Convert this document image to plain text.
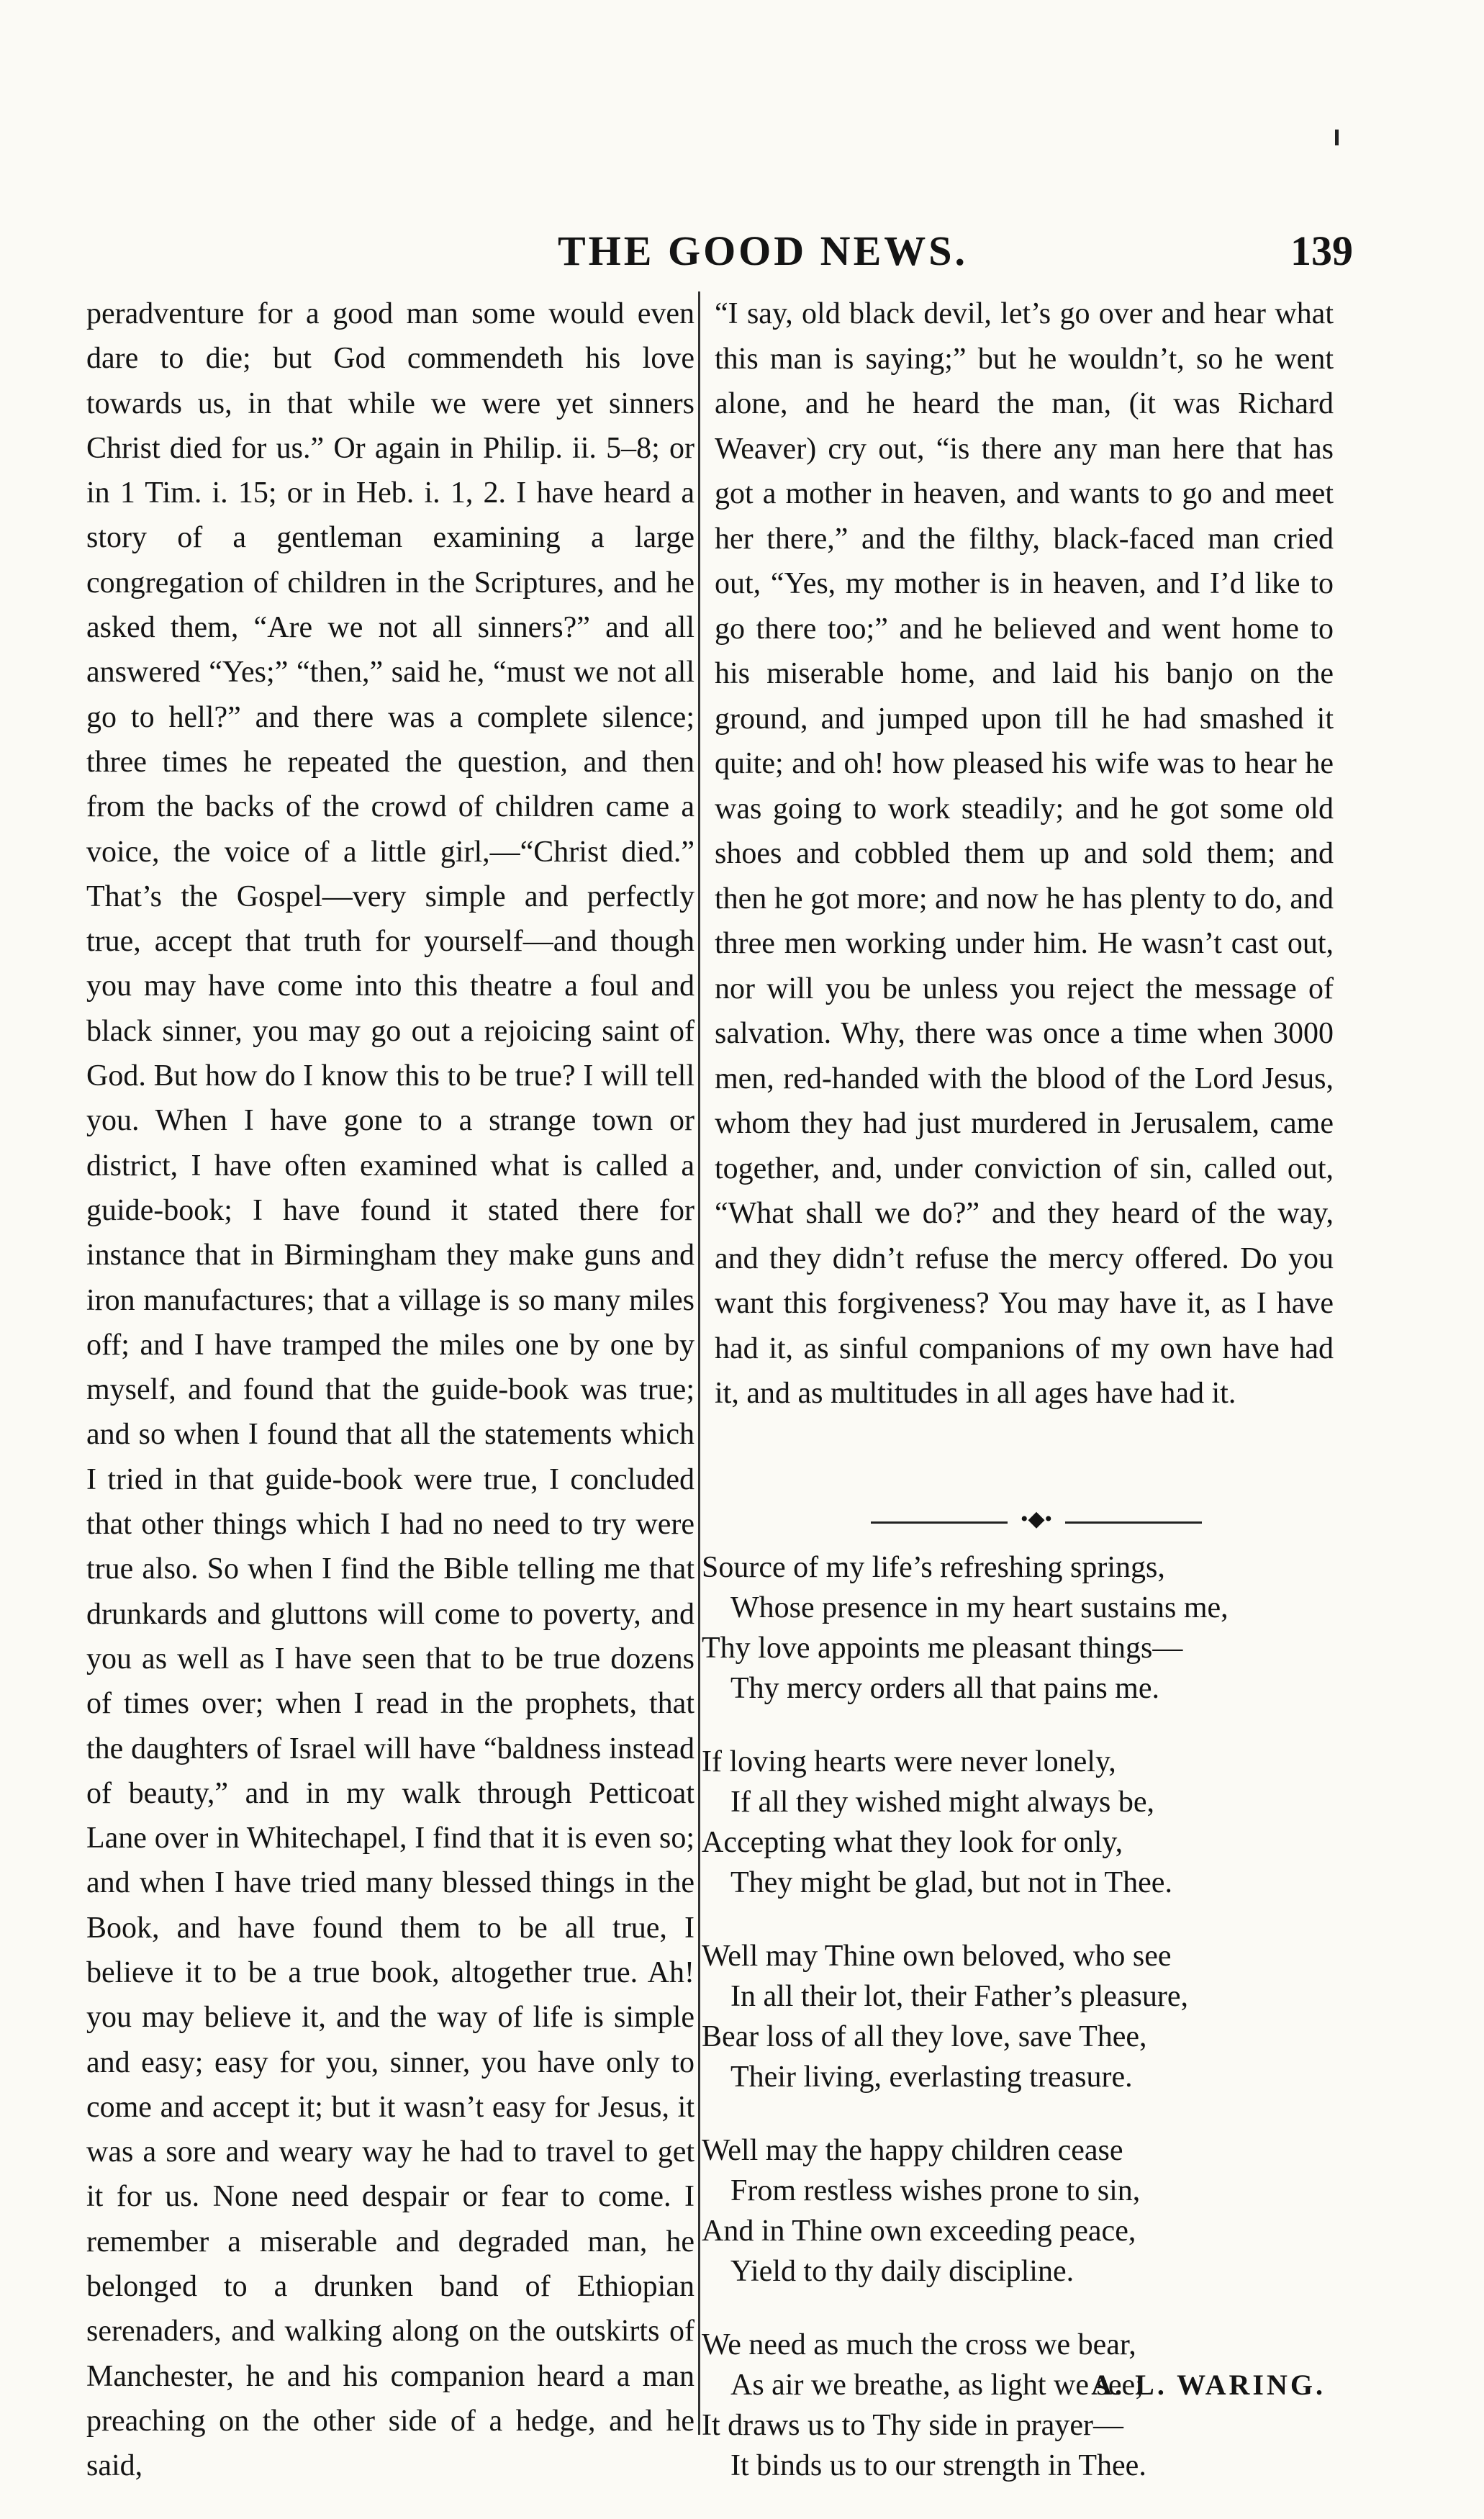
THE GOOD NEWS.	139

peradventure for a good man some would even dare to die; but God commendeth his love towards us, in that while we were yet sinners Christ died for us.” Or again in Philip. ii. 5–8; or in 1 Tim. i. 15; or in Heb. i. 1, 2. I have heard a story of a gentleman examining a large congregation of children in the Scriptures, and he asked them, “Are we not all sinners?” and all answered “Yes;” “then,” said he, “must we not all go to hell?” and there was a complete silence; three times he repeated the question, and then from the backs of the crowd of children came a voice, the voice of a little girl,—“Christ died.” That’s the Gospel—very simple and perfectly true, accept that truth for yourself—and though you may have come into this theatre a foul and black sinner, you may go out a rejoicing saint of God. But how do I know this to be true? I will tell you. When I have gone to a strange town or district, I have often examined what is called a guide-book; I have found it stated there for instance that in Birmingham they make guns and iron manufactures; that a village is so many miles off; and I have tramped the miles one by one by myself, and found that the guide-book was true; and so when I found that all the statements which I tried in that guide-book were true, I concluded that other things which I had no need to try were true also. So when I find the Bible telling me that drunkards and gluttons will come to poverty, and you as well as I have seen that to be true dozens of times over; when I read in the prophets, that the daughters of Israel will have “baldness instead of beauty,” and in my walk through Petticoat Lane over in Whitechapel, I find that it is even so; and when I have tried many blessed things in the Book, and have found them to be all true, I believe it to be a true book, altogether true. Ah! you may believe it, and the way of life is simple and easy; easy for you, sinner, you have only to come and accept it; but it wasn’t easy for Jesus, it was a sore and weary way he had to travel to get it for us. None need despair or fear to come. I remember a miserable and degraded man, he belonged to a drunken band of Ethiopian serenaders, and walking along on the outskirts of Manchester, he and his companion heard a man preaching on the other side of a hedge, and he said,

“I say, old black devil, let’s go over and hear what this man is saying;” but he wouldn’t, so he went alone, and he heard the man, (it was Richard Weaver) cry out, “is there any man here that has got a mother in heaven, and wants to go and meet her there,” and the filthy, black-faced man cried out, “Yes, my mother is in heaven, and I’d like to go there too;” and he believed and went home to his miserable home, and laid his banjo on the ground, and jumped upon till he had smashed it quite; and oh! how pleased his wife was to hear he was going to work steadily; and he got some old shoes and cobbled them up and sold them; and then he got more; and now he has plenty to do, and three men working under him. He wasn’t cast out, nor will you be unless you reject the message of salvation. Why, there was once a time when 3000 men, red-handed with the blood of the Lord Jesus, whom they had just murdered in Jerusalem, came together, and, under conviction of sin, called out, “What shall we do?” and they heard of the way, and they didn’t refuse the mercy offered. Do you want this forgiveness? You may have it, as I have had it, as sinful companions of my own have had it, and as multitudes in all ages have had it.

•◆•
Source of my life’s refreshing springs,
Whose presence in my heart sustains me,
Thy love appoints me pleasant things—
Thy mercy orders all that pains me.
If loving hearts were never lonely,
If all they wished might always be,
Accepting what they look for only,
They might be glad, but not in Thee.
Well may Thine own beloved, who see
In all their lot, their Father’s pleasure,
Bear loss of all they love, save Thee,
Their living, everlasting treasure.
Well may the happy children cease
From restless wishes prone to sin,
And in Thine own exceeding peace,
Yield to thy daily discipline.
We need as much the cross we bear,
As air we breathe, as light we see;
It draws us to Thy side in prayer—
It binds us to our strength in Thee.
A. L. WARING.
